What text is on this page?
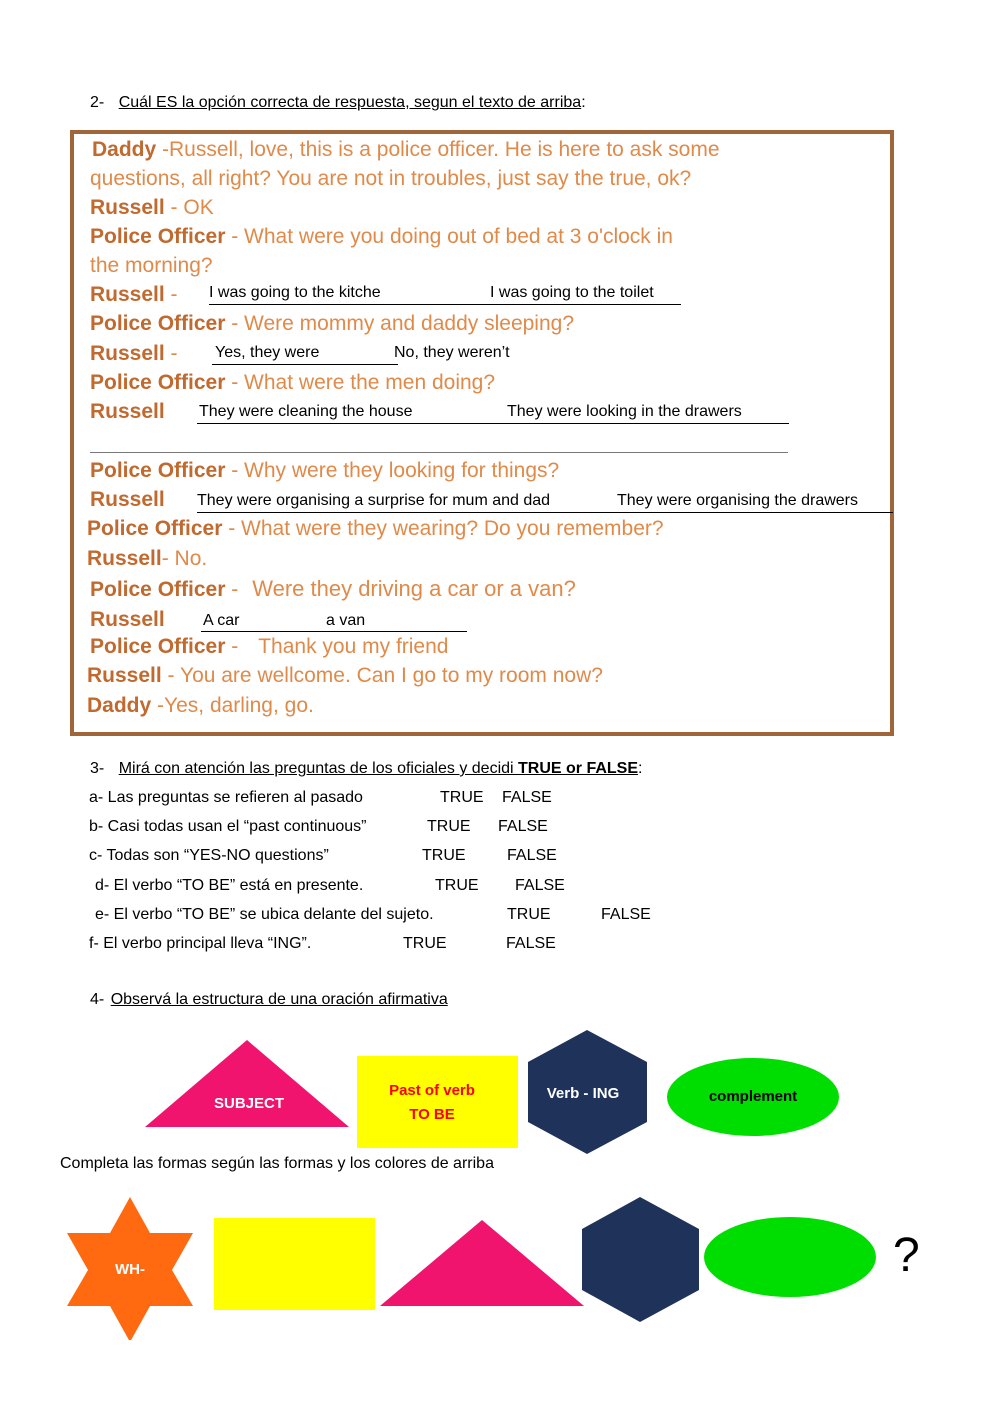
2- Cuál ES la opción correcta de respuesta, segun el texto de arriba:
Daddy -Russell, love, this is a police officer. He is here to ask some
questions, all right? You are not in troubles, just say the true, ok?
Russell - OK
Police Officer - What were you doing out of bed at 3 o'clock in
the morning?
Russell - I was going to the kitche	I was going to the toilet
Police Officer - Were mommy and daddy sleeping?
Russell - Yes, they were	No, they weren’t
Police Officer - What were the men doing?
Russell They were cleaning the house	They were looking in the drawers
Police Officer - Why were they looking for things?
Russell They were organising a surprise for mum and dad	They were organising the drawers
Police Officer - What were they wearing? Do you remember?
Russell- No.
Police Officer - Were they driving a car or a van?
Russell A car	a van
Police Officer - Thank you my friend
Russell - You are wellcome. Can I go to my room now?
Daddy -Yes, darling, go.
3- Mirá con atención las preguntas de los oficiales y decidi TRUE or FALSE:
a- Las preguntas se refieren al pasado	TRUE FALSE
b- Casi todas usan el “past continuous”	TRUE FALSE
c- Todas son “YES-NO questions”	TRUE	FALSE
d- El verbo “TO BE” está en presente.	TRUE FALSE
e- El verbo “TO BE” se ubica delante del sujeto.	TRUE	FALSE
f- El verbo principal lleva “ING”.	TRUE	FALSE
4- Observá la estructura de una oración afirmativa
SUBJECT
Past of verb
TO BE
Verb - ING	complement
Completa las formas según las formas y los colores de arriba
WH-	?
